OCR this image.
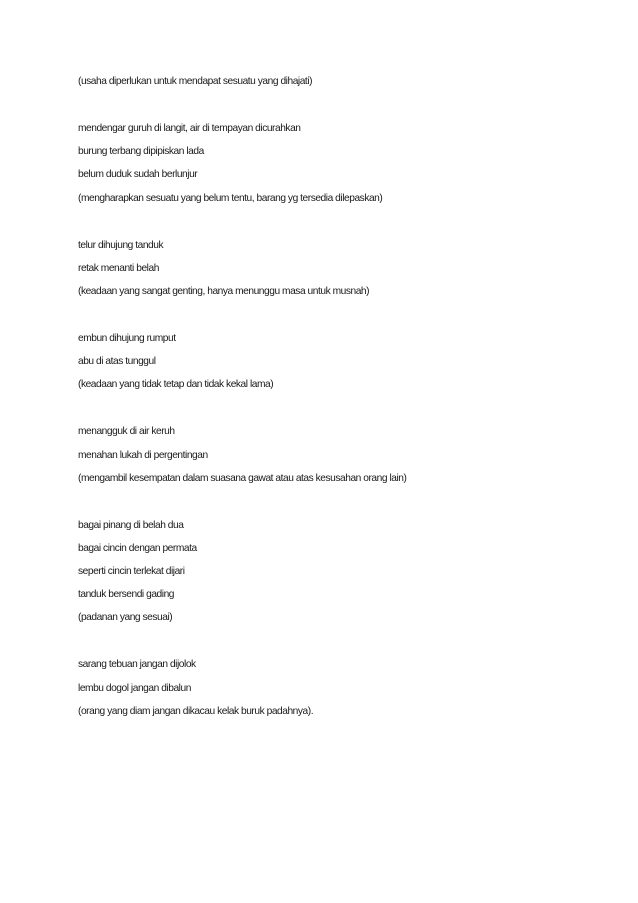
(usaha diperlukan untuk mendapat sesuatu yang dihajati)
mendengar guruh di langit, air di tempayan dicurahkan
burung terbang dipipiskan lada
belum duduk sudah berlunjur
(mengharapkan sesuatu yang belum tentu, barang yg tersedia dilepaskan)
telur dihujung tanduk
retak menanti belah
(keadaan yang sangat genting, hanya menunggu masa untuk musnah)
embun dihujung rumput
abu di atas tunggul
(keadaan yang tidak tetap dan tidak kekal lama)
menangguk di air keruh
menahan lukah di pergentingan
(mengambil kesempatan dalam suasana gawat atau atas kesusahan orang lain)
bagai pinang di belah dua
bagai cincin dengan permata
seperti cincin terlekat dijari
tanduk bersendi gading
(padanan yang sesuai)
sarang tebuan jangan dijolok
lembu dogol jangan dibalun
(orang yang diam jangan dikacau kelak buruk padahnya).
